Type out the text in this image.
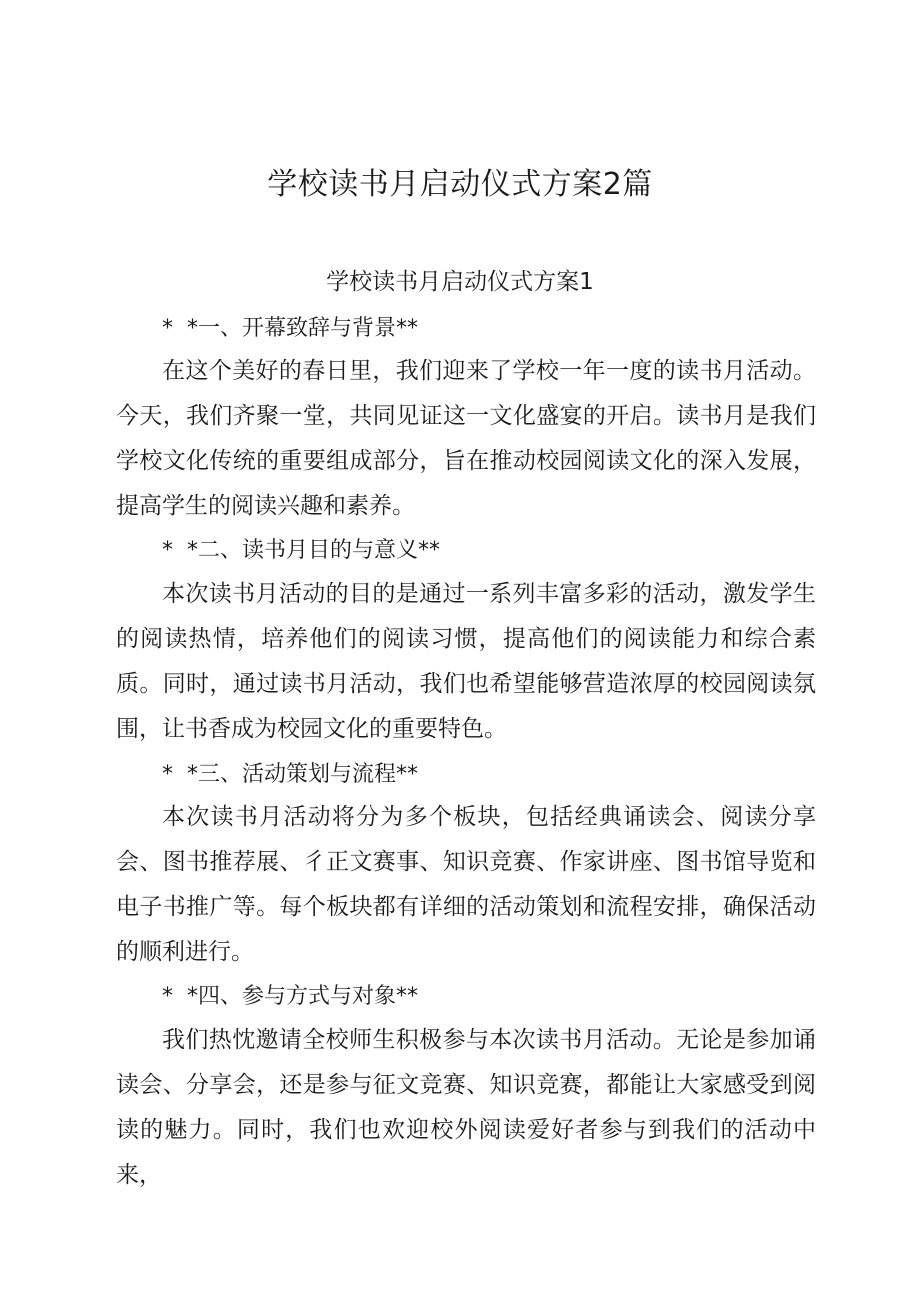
学校读书月启动仪式方案2篇
学校读书月启动仪式方案1
*  *一、开幕致辞与背景**
在这个美好的春日里，我们迎来了学校一年一度的读书月活动。今天，我们齐聚一堂，共同见证这一文化盛宴的开启。读书月是我们学校文化传统的重要组成部分，旨在推动校园阅读文化的深入发展，提高学生的阅读兴趣和素养。
*  *二、读书月目的与意义**
本次读书月活动的目的是通过一系列丰富多彩的活动，激发学生的阅读热情，培养他们的阅读习惯，提高他们的阅读能力和综合素质。同时，通过读书月活动，我们也希望能够营造浓厚的校园阅读氛围，让书香成为校园文化的重要特色。
*  *三、活动策划与流程**
本次读书月活动将分为多个板块，包括经典诵读会、阅读分享会、图书推荐展、彳正文赛事、知识竞赛、作家讲座、图书馆导览和电子书推广等。每个板块都有详细的活动策划和流程安排，确保活动的顺利进行。
*  *四、参与方式与对象**
我们热忱邀请全校师生积极参与本次读书月活动。无论是参加诵读会、分享会，还是参与征文竞赛、知识竞赛，都能让大家感受到阅读的魅力。同时，我们也欢迎校外阅读爱好者参与到我们的活动中来，
